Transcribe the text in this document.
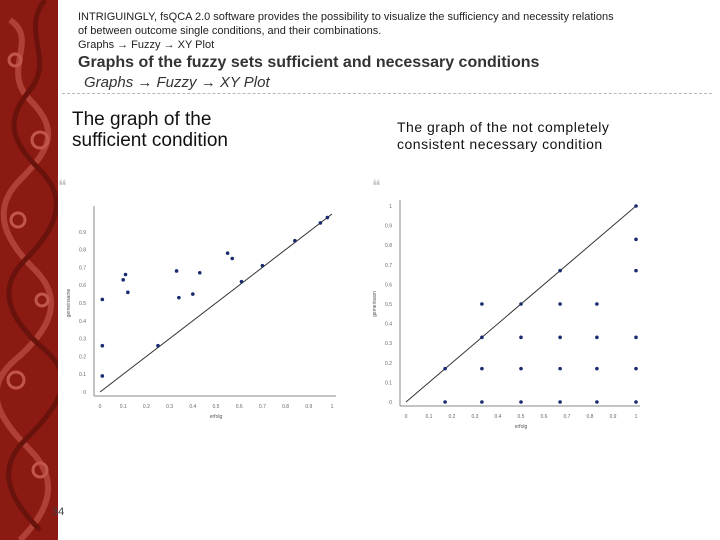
INTRIGUINGLY, fsQCA 2.0 software provides the possibility to visualize the sufficiency and necessity relations
of between outcome single conditions, and their combinations.
Graphs → Fuzzy → XY Plot
Graphs of the fuzzy sets sufficient and necessary conditions
Graphs → Fuzzy → XY Plot
The graph of the
sufficient condition
The graph of the not completely
consistent necessary condition
❝	❝
0	0.1	0.2	0.3	0.4	0.5	0.6	0.7	0.8	0.9	1
0
0.1
0.2
0.3
0.4
0.5
0.6
0.7
0.8
0.9
erfolg
gemeinsame
0	0.1	0.2	0.3	0.4	0.5	0.6	0.7	0.8	0.9	1
0
0.1
0.2
0.3
0.4
0.5
0.6
0.7
0.8
0.9
1
erfolg
gemeinsam
34
